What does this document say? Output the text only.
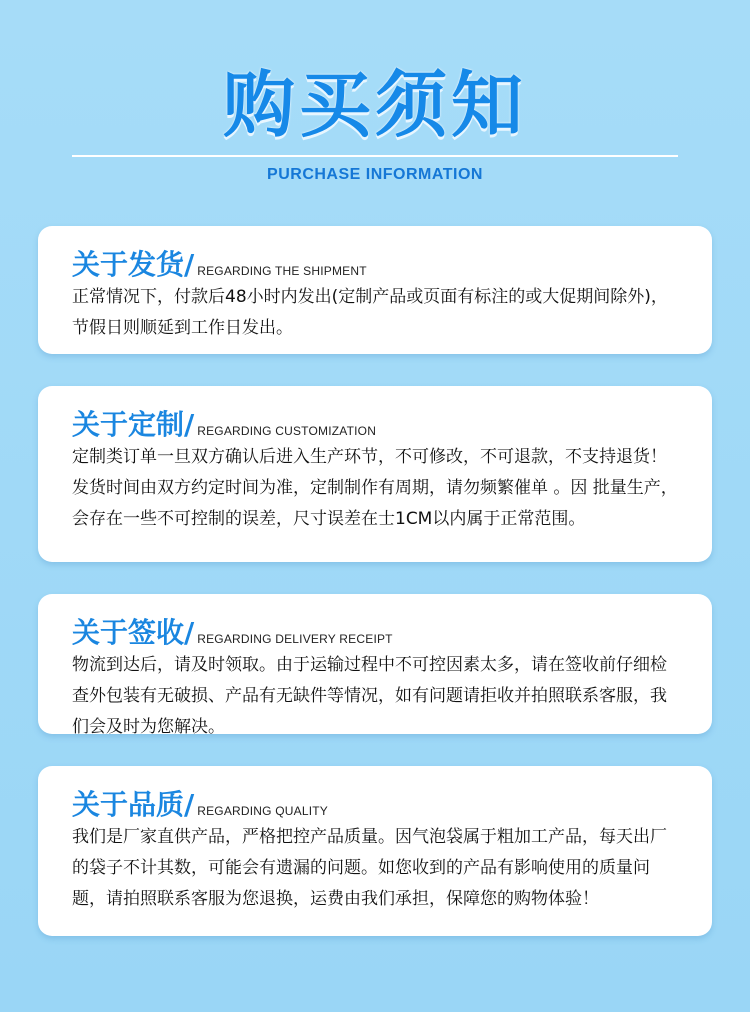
购买须知
PURCHASE INFORMATION
关于发货/ REGARDING THE SHIPMENT
正常情况下，付款后48小时内发出(定制产品或页面有标注的或大促期间除外)，节假日则顺延到工作日发出。
关于定制/ REGARDING CUSTOMIZATION
定制类订单一旦双方确认后进入生产环节，不可修改，不可退款，不支持退货！发货时间由双方约定时间为准，定制制作有周期，请勿频繁催单 。因 批量生产，会存在一些不可控制的误差，尺寸误差在士1CM以内属于正常范围。
关于签收/ REGARDING DELIVERY RECEIPT
物流到达后，请及时领取。由于运输过程中不可控因素太多，请在签收前仔细检查外包装有无破损、产品有无缺件等情况，如有问题请拒收并拍照联系客服，我们会及时为您解决。
关于品质/ REGARDING QUALITY
我们是厂家直供产品，严格把控产品质量。因气泡袋属于粗加工产品，每天出厂的袋子不计其数，可能会有遗漏的问题。如您收到的产品有影响使用的质量问题，请拍照联系客服为您退换，运费由我们承担，保障您的购物体验！
